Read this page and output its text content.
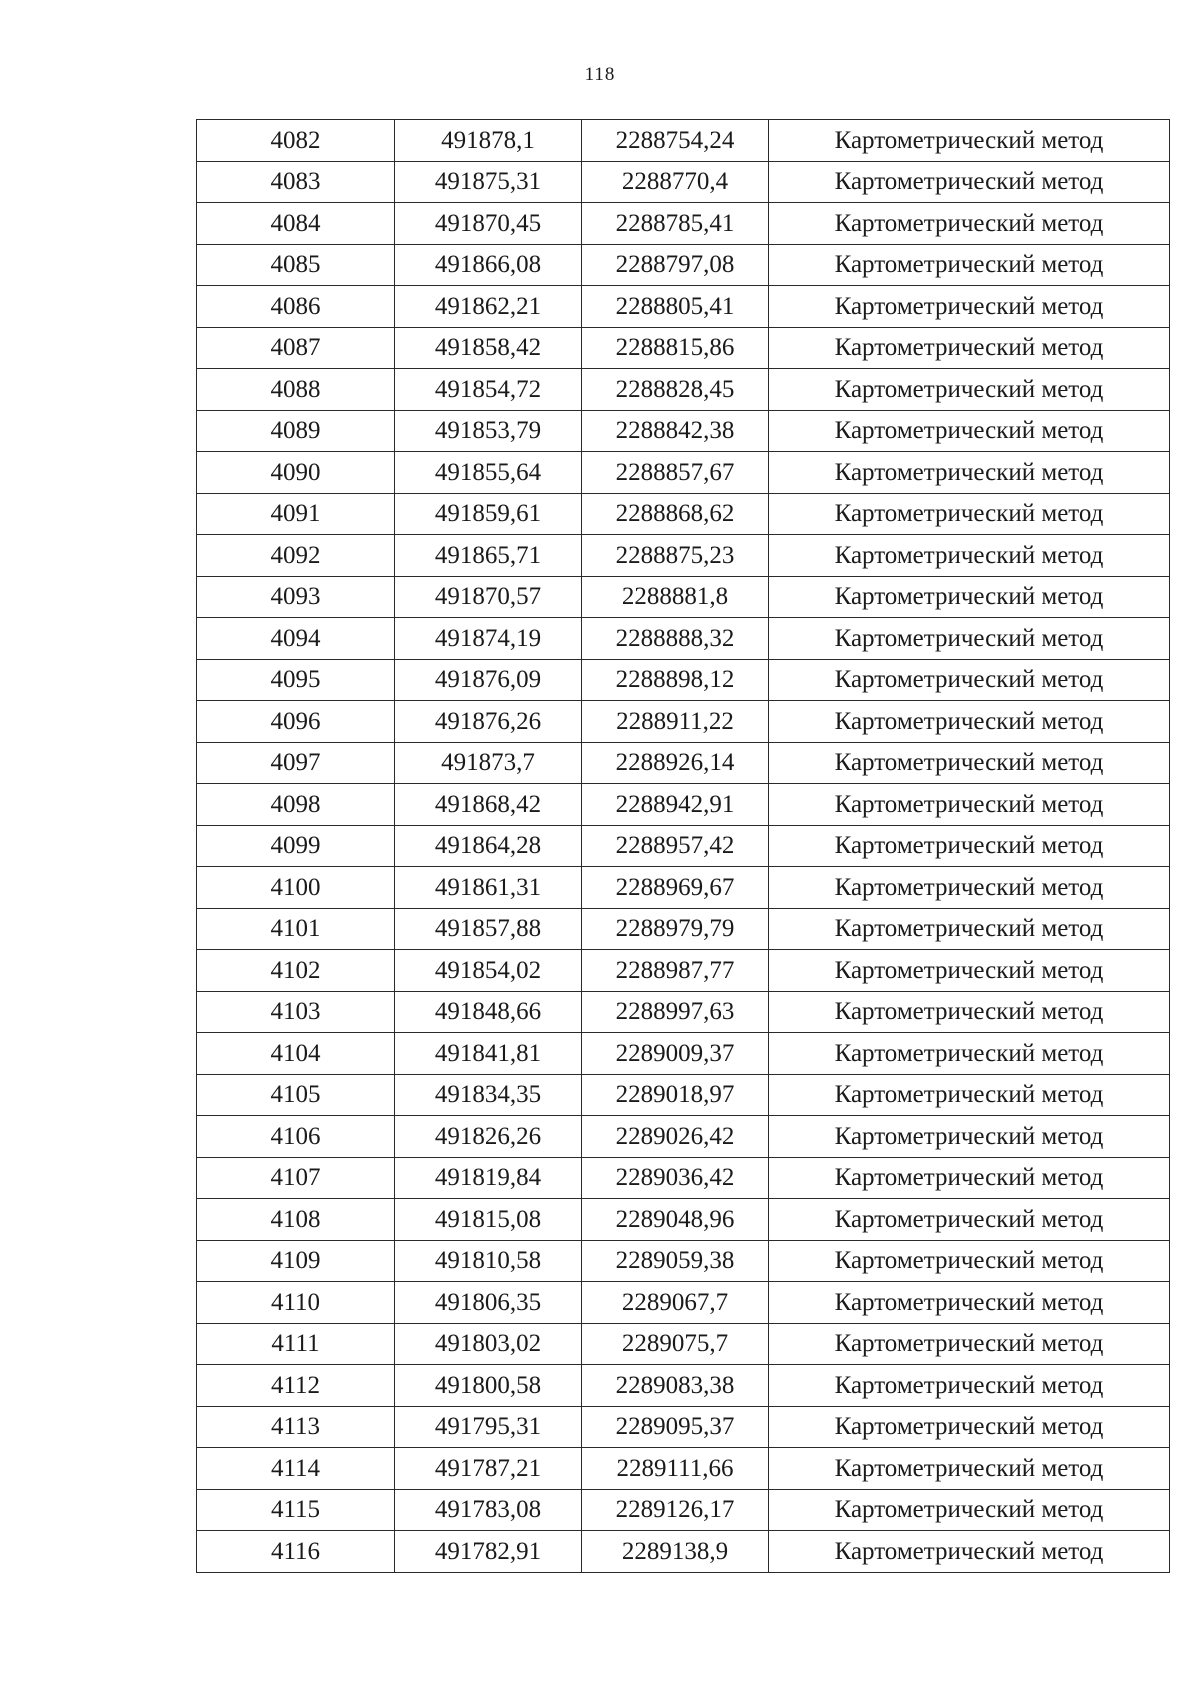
118
4082	491878,1	2288754,24	Картометрический метод
4083	491875,31	2288770,4	Картометрический метод
4084	491870,45	2288785,41	Картометрический метод
4085	491866,08	2288797,08	Картометрический метод
4086	491862,21	2288805,41	Картометрический метод
4087	491858,42	2288815,86	Картометрический метод
4088	491854,72	2288828,45	Картометрический метод
4089	491853,79	2288842,38	Картометрический метод
4090	491855,64	2288857,67	Картометрический метод
4091	491859,61	2288868,62	Картометрический метод
4092	491865,71	2288875,23	Картометрический метод
4093	491870,57	2288881,8	Картометрический метод
4094	491874,19	2288888,32	Картометрический метод
4095	491876,09	2288898,12	Картометрический метод
4096	491876,26	2288911,22	Картометрический метод
4097	491873,7	2288926,14	Картометрический метод
4098	491868,42	2288942,91	Картометрический метод
4099	491864,28	2288957,42	Картометрический метод
4100	491861,31	2288969,67	Картометрический метод
4101	491857,88	2288979,79	Картометрический метод
4102	491854,02	2288987,77	Картометрический метод
4103	491848,66	2288997,63	Картометрический метод
4104	491841,81	2289009,37	Картометрический метод
4105	491834,35	2289018,97	Картометрический метод
4106	491826,26	2289026,42	Картометрический метод
4107	491819,84	2289036,42	Картометрический метод
4108	491815,08	2289048,96	Картометрический метод
4109	491810,58	2289059,38	Картометрический метод
4110	491806,35	2289067,7	Картометрический метод
4111	491803,02	2289075,7	Картометрический метод
4112	491800,58	2289083,38	Картометрический метод
4113	491795,31	2289095,37	Картометрический метод
4114	491787,21	2289111,66	Картометрический метод
4115	491783,08	2289126,17	Картометрический метод
4116	491782,91	2289138,9	Картометрический метод
